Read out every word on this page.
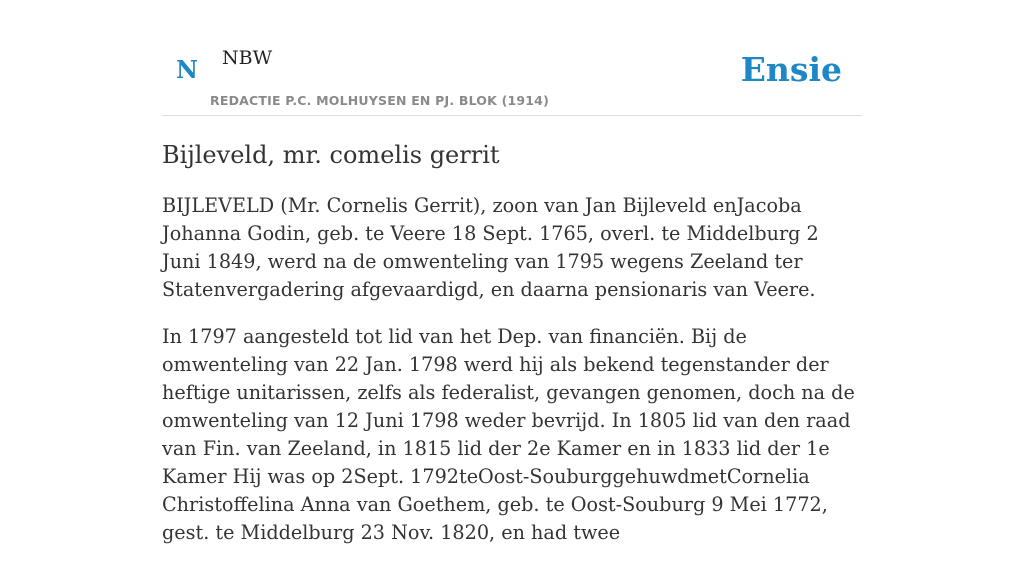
N NBW
REDACTIE P.C. MOLHUYSEN EN PJ. BLOK (1914)
Ensie
Bijleveld, mr. comelis gerrit

BIJLEVELD (Mr. Cornelis Gerrit), zoon van Jan Bijleveld enJacoba Johanna Godin, geb. te Veere 18 Sept. 1765, overl. te Middelburg 2 Juni 1849, werd na de omwenteling van 1795 wegens Zeeland ter Statenvergadering afgevaardigd, en daarna pensionaris van Veere.

In 1797 aangesteld tot lid van het Dep. van financiën. Bij de omwenteling van 22 Jan. 1798 werd hij als bekend tegenstander der heftige unitarissen, zelfs als federalist, gevangen genomen, doch na de omwenteling van 12 Juni 1798 weder bevrijd. In 1805 lid van den raad van Fin. van Zeeland, in 1815 lid der 2e Kamer en in 1833 lid der 1e Kamer Hij was op 2Sept. 1792teOost-SouburggehuwdmetCornelia Christoffelina Anna van Goethem, geb. te Oost-Souburg 9 Mei 1772, gest. te Middelburg 23 Nov. 1820, en had twee
